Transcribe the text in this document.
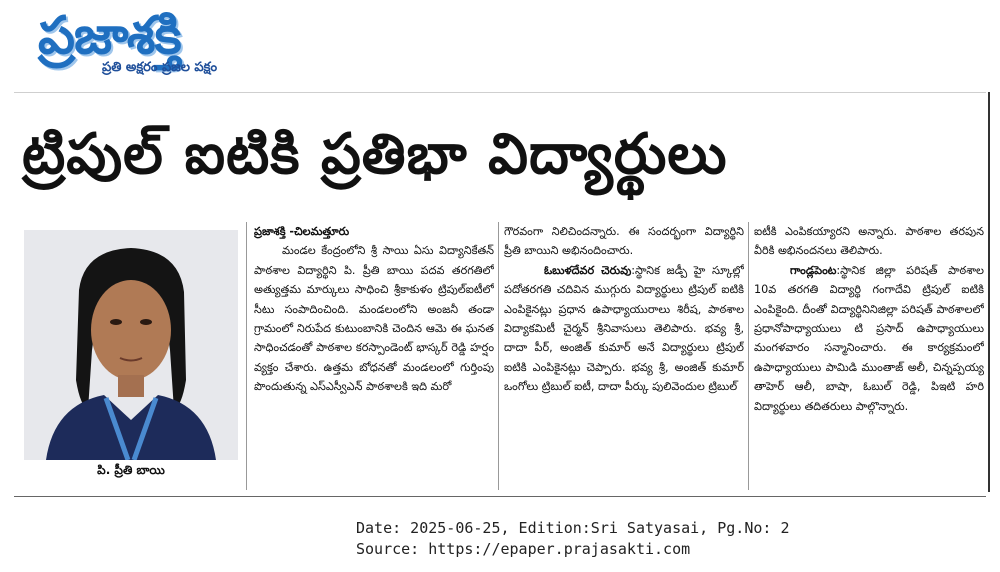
ప్రజాశక్తి
ప్రతి అక్షరం ప్రజల పక్షం
ట్రిపుల్ ఐటికి ప్రతిభా విద్యార్థులు
పి. ప్రీతి బాయి

ప్రజాశక్తి -చిలమత్తూరు

మండల కేంద్రంలోని శ్రీ సాయి ఏసు విద్యానికేతన్ పాఠశాల విద్యార్థిని పి. ప్రీతి బాయి పదవ తరగతిలో అత్యుత్తమ మార్కులు సాధించి శ్రీకాకుళం ట్రిపుల్ఐటీలో సీటు సంపాదించింది. మండలంలోని అంజనీ తండా గ్రామంలో నిరుపేద కుటుంబానికి చెందిన ఆమె ఈ ఘనత సాధించడంతో పాఠశాల కరస్పాండెంట్ భాస్కర్ రెడ్డి హర్షం వ్యక్తం చేశారు. ఉత్తమ బోధనతో మండలంలో గుర్తింపు పొందుతున్న ఎస్ఎస్వీఎన్ పాఠశాలకి ఇది మరో

గౌరవంగా నిలిచిందన్నారు. ఈ సందర్భంగా విద్యార్థిని ప్రీతి బాయిని అభినందించారు.

ఓబుళదేవర చెరువు:స్థానిక జడ్పీ హై స్కూల్లో పదోతరగతి చదివిన ముగ్గురు విద్యార్థులు ట్రిపుల్ ఐటికి ఎంపికైనట్లు ప్రధాన ఉపాధ్యాయురాలు శిరీష, పాఠశాల విద్యాకమిటీ చైర్మన్ శ్రీనివాసులు తెలిపారు. భవ్య శ్రీ, దాదా పీర్, అంజిత్ కుమార్ అనే విద్యార్థులు ట్రిపుల్ ఐటికి ఎంపికైనట్లు చెప్పారు. భవ్య శ్రీ, అంజిత్ కుమార్ ఒంగోలు ట్రిబుల్ ఐటీ, దాదా పీర్కు పులివెందుల ట్రిబుల్

ఐటీకి ఎంపికయ్యారని అన్నారు. పాఠశాల తరపున వీరికి అభినందనలు తెలిపారు.

గాండ్లపెంట:స్థానిక జిల్లా పరిషత్ పాఠశాల 10వ తరగతి విద్యార్థి గంగాదేవి ట్రిపుల్ ఐటికి ఎంపికైంది. దీంతో విద్యార్థినినిజిల్లా పరిషత్ పాఠశాలలో ప్రధానోపాధ్యాయులు టి ప్రసాద్ ఉపాధ్యాయులు మంగళవారం సన్మానించారు. ఈ కార్యక్రమంలో ఉపాధ్యాయులు పామిడి ముంతాజ్ అలీ, చిన్నప్పయ్య తాహెర్ ఆలీ, బాషా, ఓబుల్ రెడ్డి, పిఇటి హరి విద్యార్థులు తదితరులు పాల్గొన్నారు.

Date: 2025-06-25, Edition:Sri Satyasai, Pg.No: 2
Source: https://epaper.prajasakti.com
